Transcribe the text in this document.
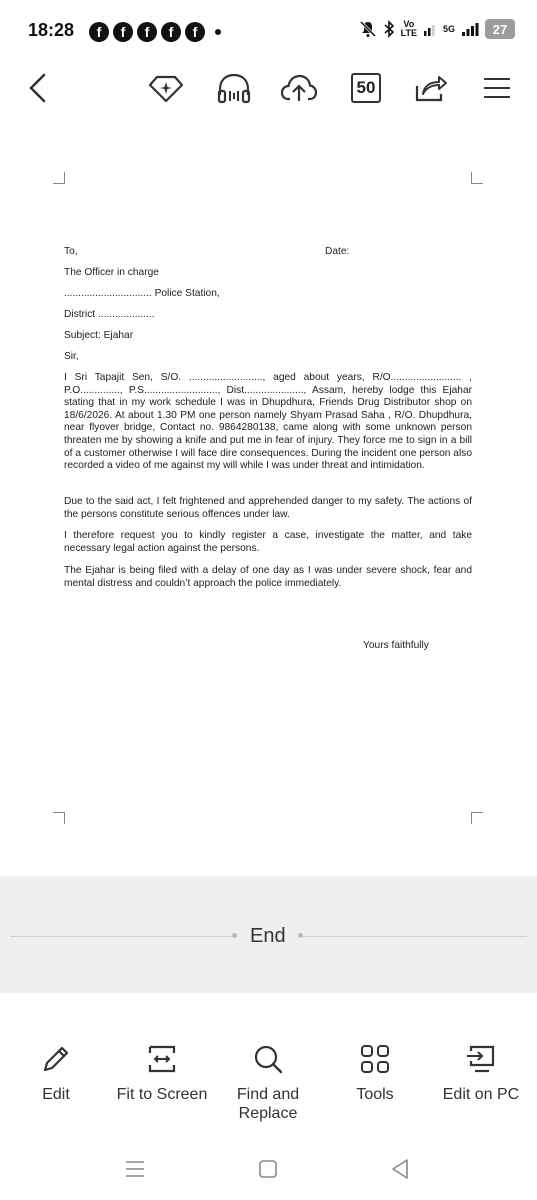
18:28	f	f	f	f	f	Vo
LTE	5G	27
50
To,	Date:
The Officer in charge
............................... Police Station,
District ....................
Subject: Ejahar
Sir,
I Sri Tapajit Sen, S/O. .........................., aged about years, R/O......................... , P.O.............., P.S.........................., Dist....................., Assam, hereby lodge this Ejahar stating that in my work schedule I was in Dhupdhura, Friends Drug Distributor shop on 18/6/2026. At about 1.30 PM one person namely Shyam Prasad Saha , R/O. Dhupdhura, near flyover bridge, Contact no. 9864280138, came along with some unknown person threaten me by showing a knife and put me in fear of injury. They force me to sign in a bill of a customer otherwise I will face dire consequences. During the incident one person also recorded a video of me against my will while I was under threat and intimidation.
Due to the said act, I felt frightened and apprehended danger to my safety. The actions of the persons constitute serious offences under law.
I therefore request you to kindly register a case, investigate the matter, and take necessary legal action against the persons.
The Ejahar is being filed with a delay of one day as I was under severe shock, fear and mental distress and couldn’t approach the police immediately.
Yours faithfully
End
Edit	Fit to Screen Find and
Replace
Tools	Edit on PC
